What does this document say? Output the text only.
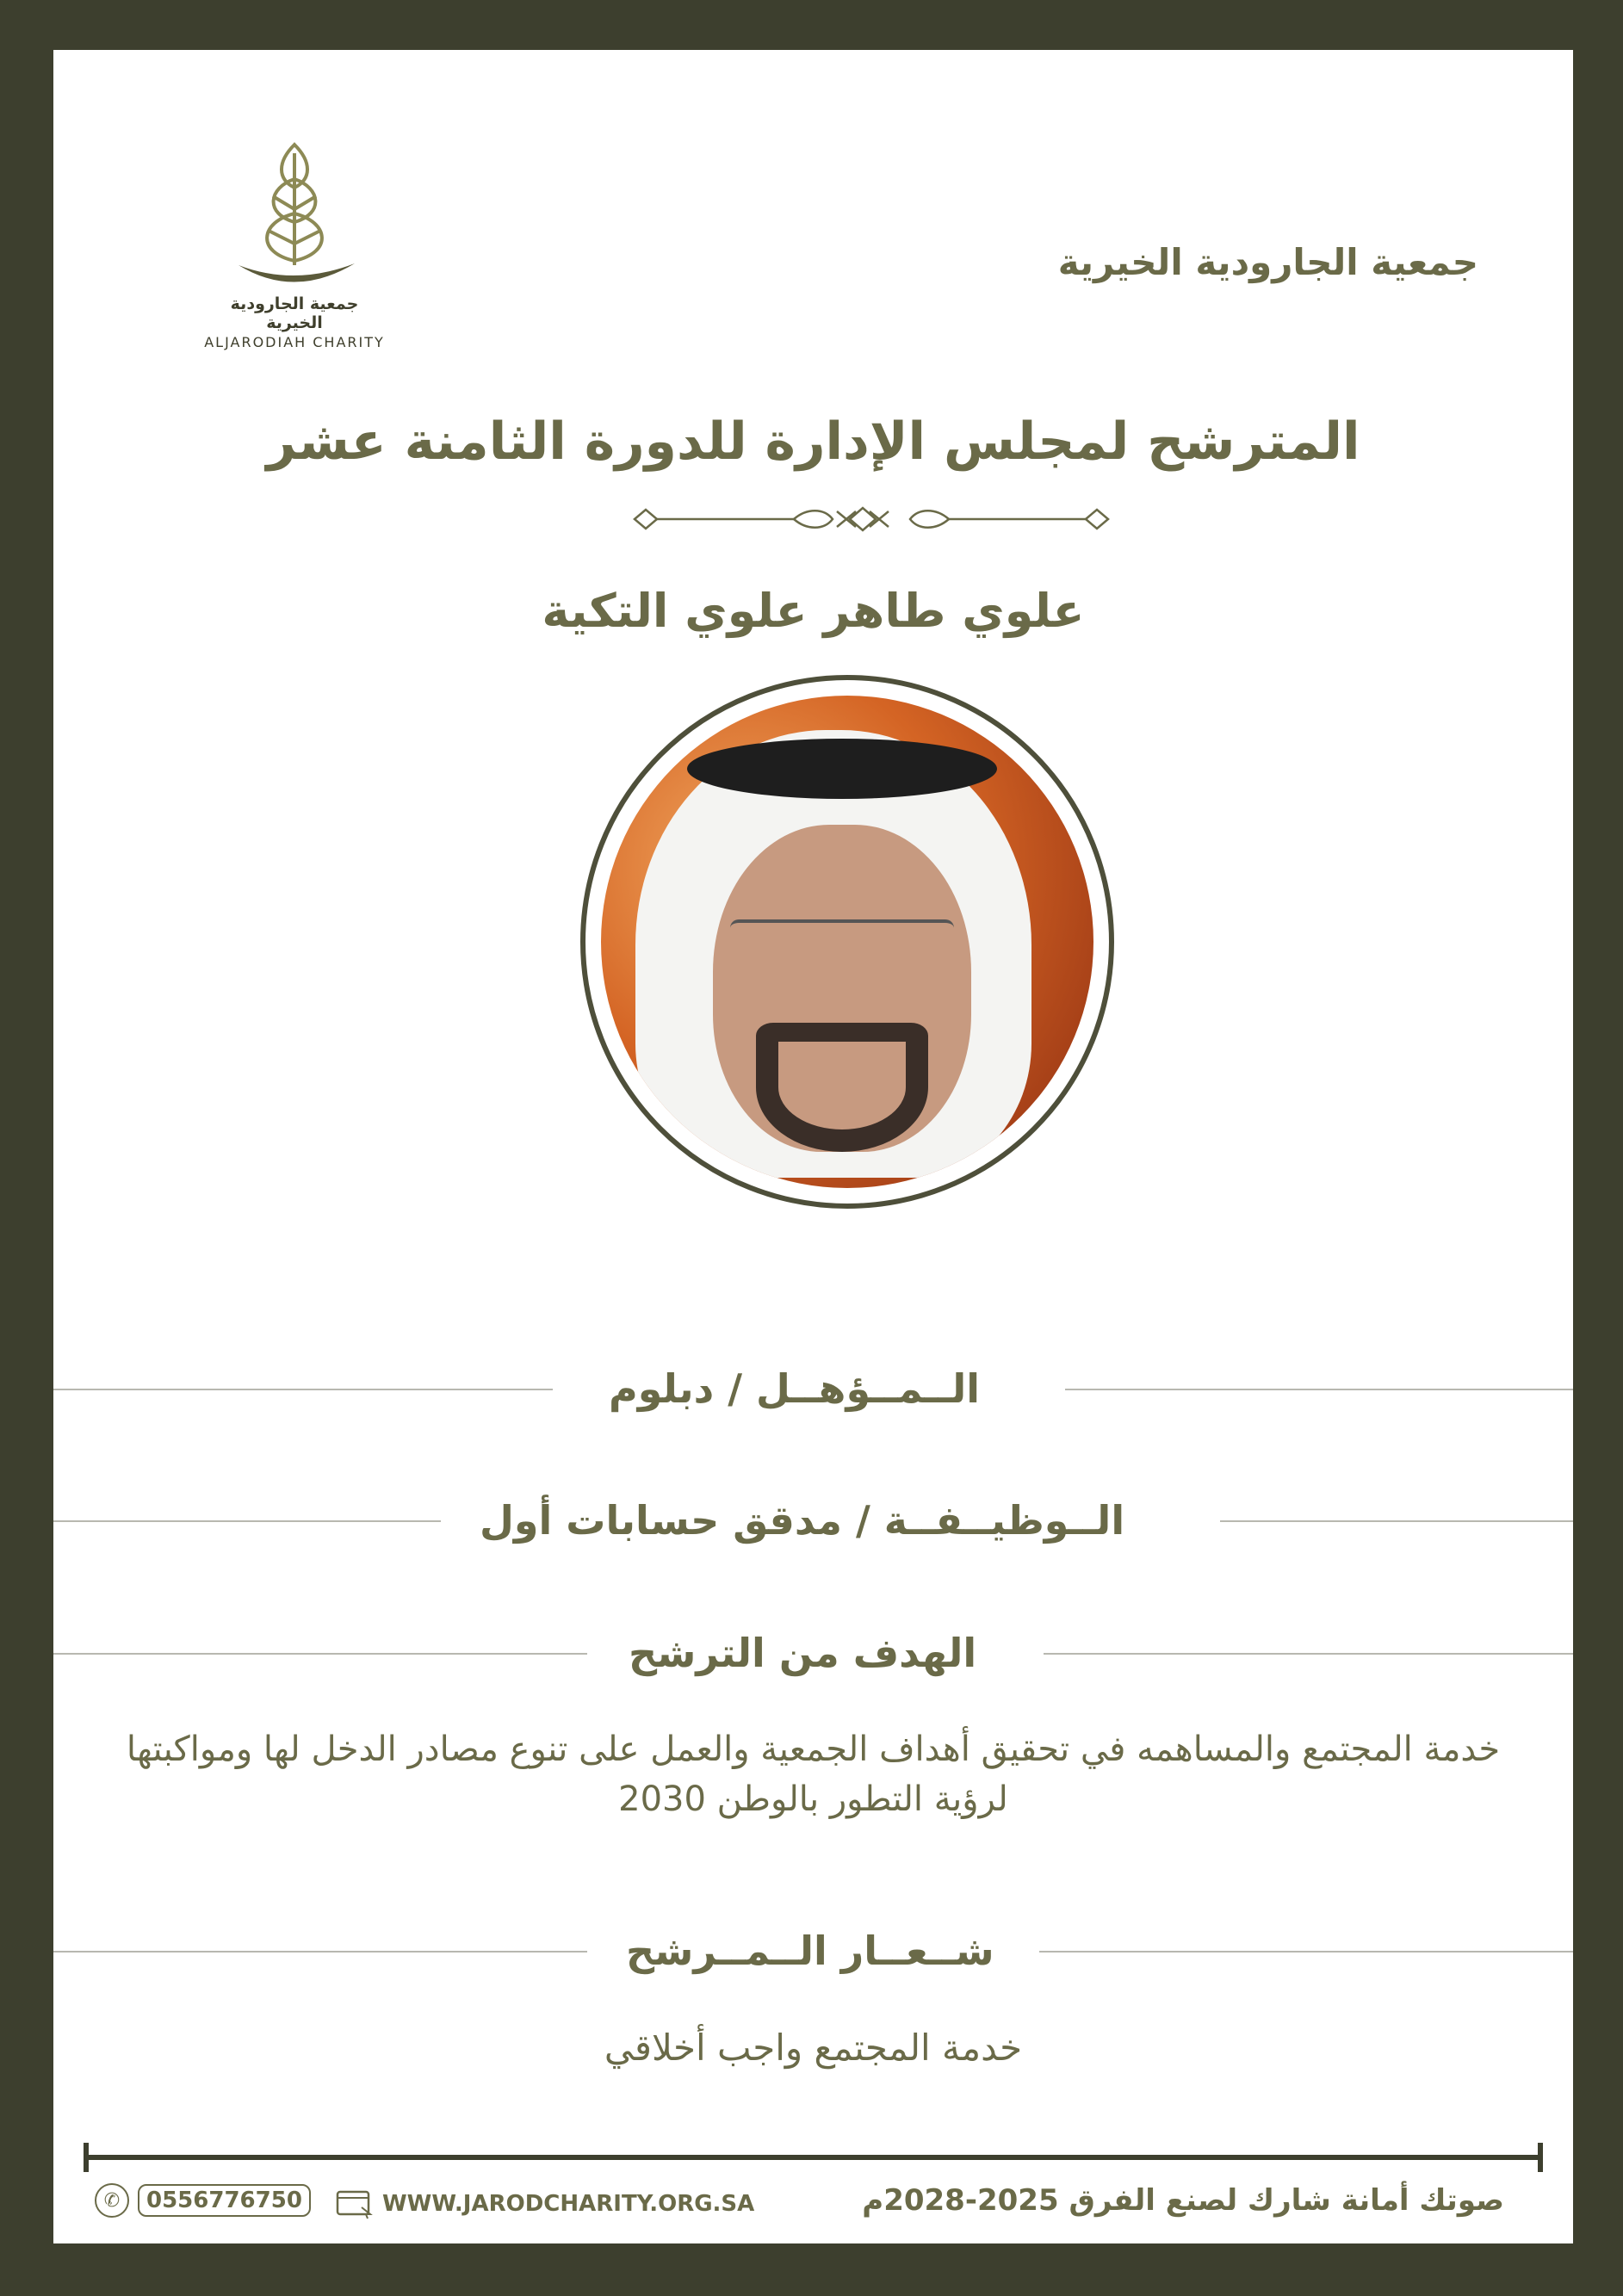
جمعية الجارودية الخيرية
ALJARODIAH CHARITY
جمعية الجارودية الخيرية
المترشح لمجلس الإدارة للدورة الثامنة عشر
علوي طاهر علوي التكية
الــمــؤهــل / دبلوم
الــوظيــفــة / مدقق حسابات أول
الهدف من الترشح
خدمة المجتمع والمساهمه في تحقيق أهداف الجمعية والعمل على تنوع مصادر الدخل لها ومواكبتها لرؤية التطور بالوطن 2030
شــعــار الــمــرشح
خدمة المجتمع واجب أخلاقي
✆	0556776750	WWW.JARODCHARITY.ORG.SA	صوتك أمانة شارك لصنع الفرق 2025-2028م
